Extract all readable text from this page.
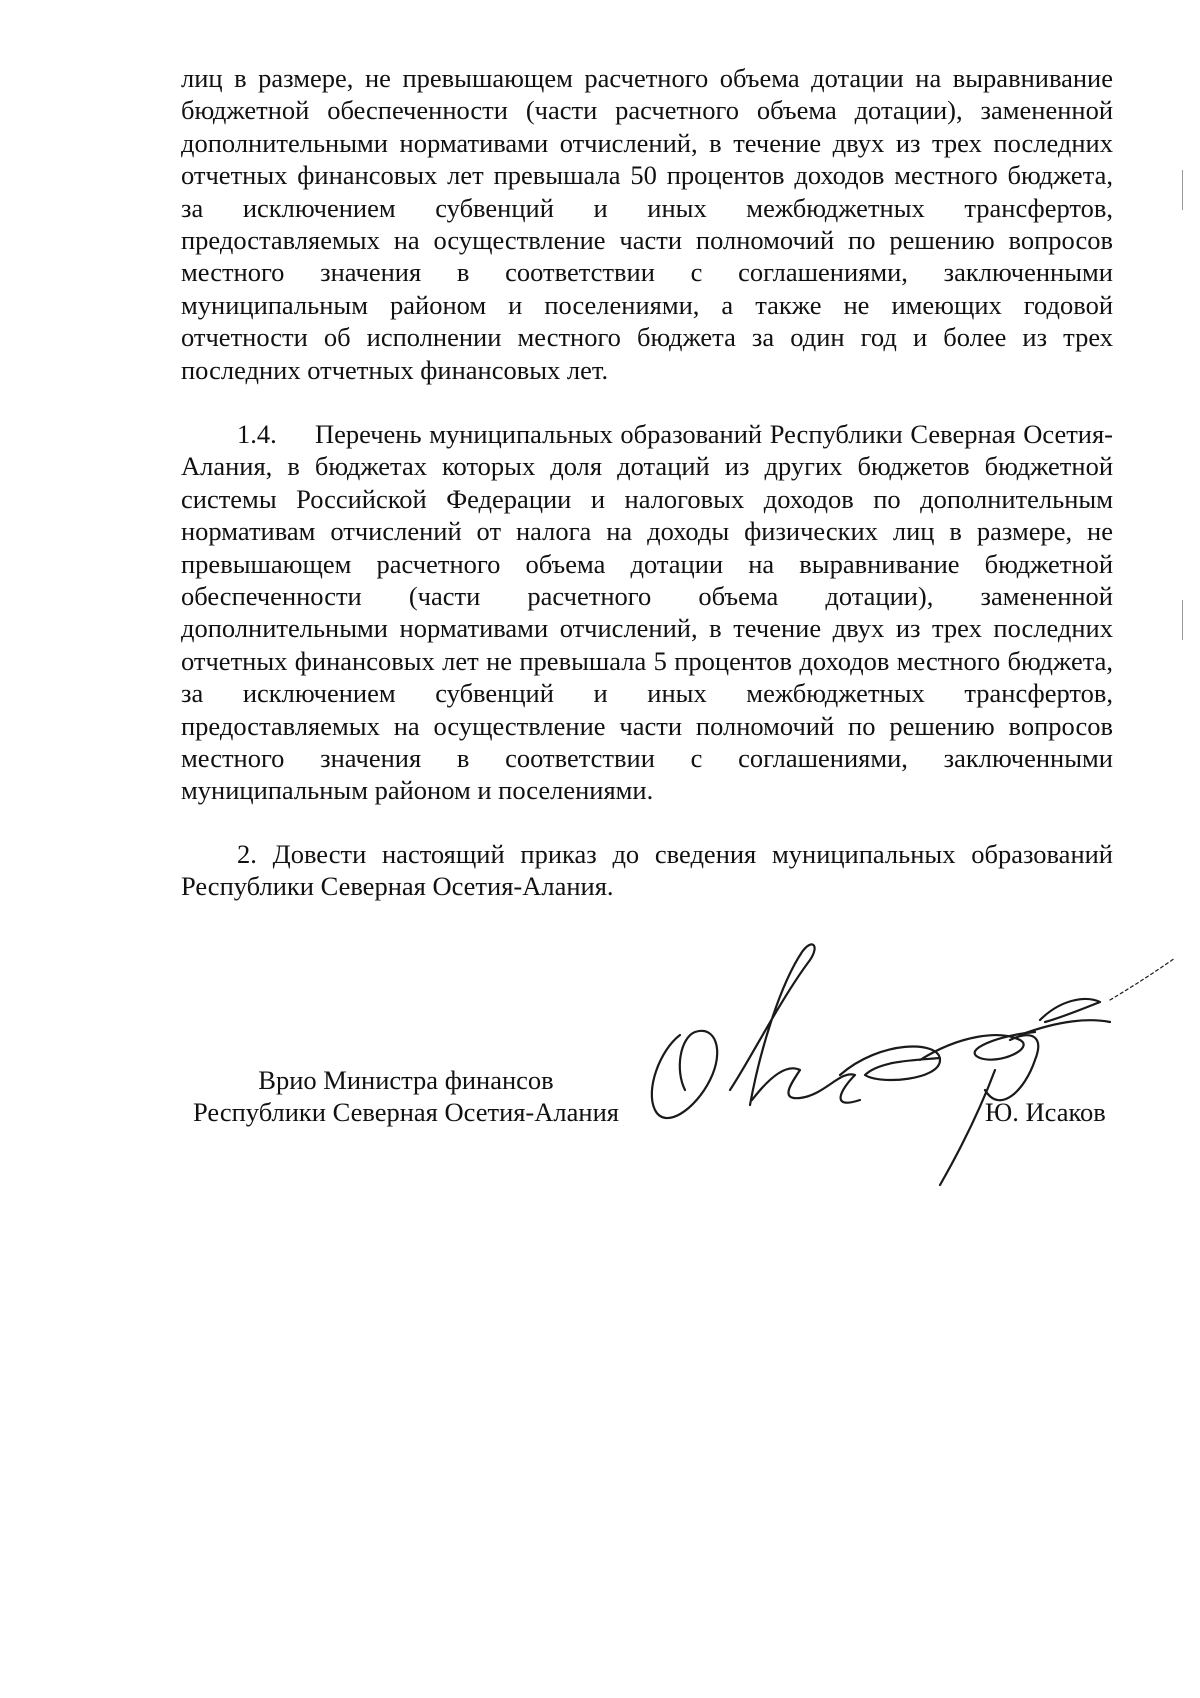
лиц в размере, не превышающем расчетного объема дотации на выравнивание бюджетной обеспеченности (части расчетного объема дотации), замененной дополнительными нормативами отчислений, в течение двух из трех последних отчетных финансовых лет превышала 50 процентов доходов местного бюджета, за исключением субвенций и иных межбюджетных трансфертов, предоставляемых на осуществление части полномочий по решению вопросов местного значения в соответствии с соглашениями, заключенными муниципальным районом и поселениями, а также не имеющих годовой отчетности об исполнении местного бюджета за один год и более из трех последних отчетных финансовых лет.

1.4. Перечень муниципальных образований Республики Северная Осетия-Алания, в бюджетах которых доля дотаций из других бюджетов бюджетной системы Российской Федерации и налоговых доходов по дополнительным нормативам отчислений от налога на доходы физических лиц в размере, не превышающем расчетного объема дотации на выравнивание бюджетной обеспеченности (части расчетного объема дотации), замененной дополнительными нормативами отчислений, в течение двух из трех последних отчетных финансовых лет не превышала 5 процентов доходов местного бюджета, за исключением субвенций и иных межбюджетных трансфертов, предоставляемых на осуществление части полномочий по решению вопросов местного значения в соответствии с соглашениями, заключенными муниципальным районом и поселениями.

2. Довести настоящий приказ до сведения муниципальных образований Республики Северная Осетия-Алания.

Врио Министра финансов
Республики Северная Осетия-Алания	Ю. Исаков
